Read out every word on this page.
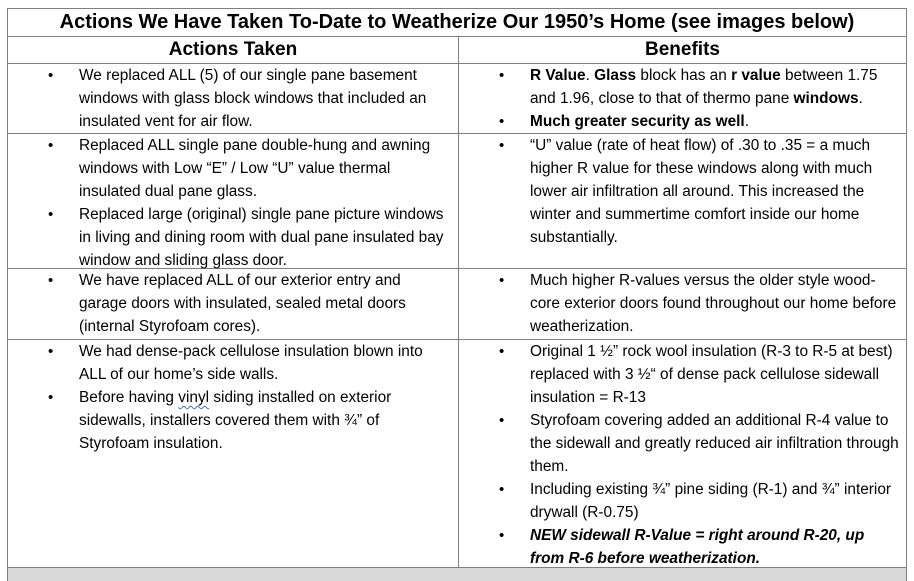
Actions We Have Taken To-Date to Weatherize Our 1950’s Home (see images below)
Actions Taken	Benefits
• We replaced ALL (5) of our single pane basement windows with glass block windows that included an insulated vent for air flow.
• R Value. Glass block has an r value between 1.75 and 1.96, close to that of thermo pane windows.
• Much greater security as well.
• Replaced ALL single pane double-hung and awning windows with Low “E” / Low “U” value thermal insulated dual pane glass.
• Replaced large (original) single pane picture windows in living and dining room with dual pane insulated bay window and sliding glass door.
• “U” value (rate of heat flow) of .30 to .35 = a much higher R value for these windows along with much lower air infiltration all around. This increased the winter and summertime comfort inside our home substantially.
• We have replaced ALL of our exterior entry and garage doors with insulated, sealed metal doors (internal Styrofoam cores).
• Much higher R-values versus the older style wood-core exterior doors found throughout our home before weatherization.
• We had dense-pack cellulose insulation blown into ALL of our home’s side walls.
• Before having vinyl siding installed on exterior sidewalls, installers covered them with ¾” of Styrofoam insulation.
• Original 1 ½” rock wool insulation (R-3 to R-5 at best) replaced with 3 ½“ of dense pack cellulose sidewall insulation = R-13
• Styrofoam covering added an additional R-4 value to the sidewall and greatly reduced air infiltration through them.
• Including existing ¾” pine siding (R-1) and ¾” interior drywall (R-0.75)
• NEW sidewall R-Value = right around R-20, up from R-6 before weatherization.
